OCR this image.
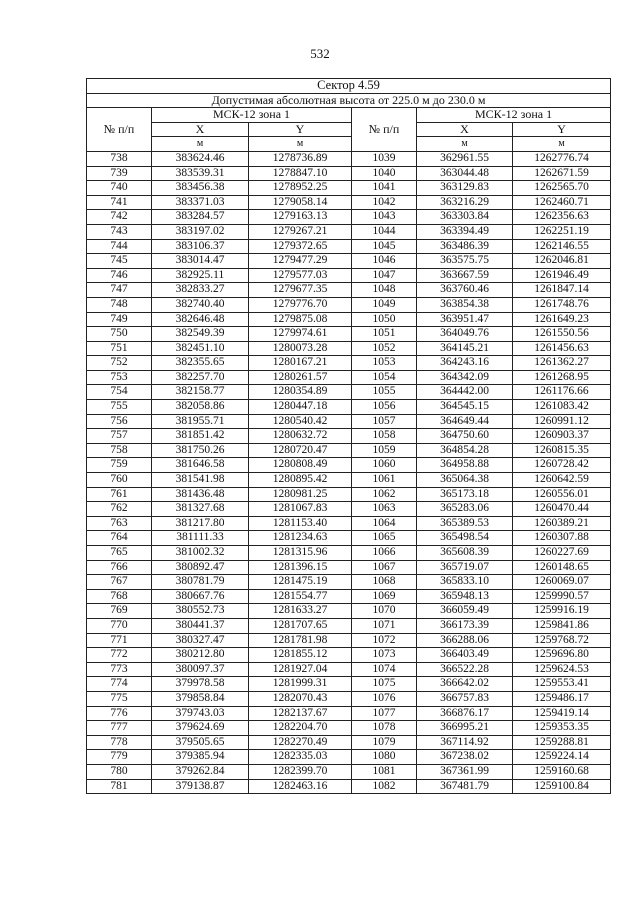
532
Сектор 4.59					
Допустимая абсолютная высота от 225.0 м до 230.0 м					
№ п/п	МСК-12 зона 1		№ п/п	МСК-12 зона 1	
	X	Y		X	Y
	м	м		м	м
738	383624.46	1278736.89	1039	362961.55	1262776.74
739	383539.31	1278847.10	1040	363044.48	1262671.59
740	383456.38	1278952.25	1041	363129.83	1262565.70
741	383371.03	1279058.14	1042	363216.29	1262460.71
742	383284.57	1279163.13	1043	363303.84	1262356.63
743	383197.02	1279267.21	1044	363394.49	1262251.19
744	383106.37	1279372.65	1045	363486.39	1262146.55
745	383014.47	1279477.29	1046	363575.75	1262046.81
746	382925.11	1279577.03	1047	363667.59	1261946.49
747	382833.27	1279677.35	1048	363760.46	1261847.14
748	382740.40	1279776.70	1049	363854.38	1261748.76
749	382646.48	1279875.08	1050	363951.47	1261649.23
750	382549.39	1279974.61	1051	364049.76	1261550.56
751	382451.10	1280073.28	1052	364145.21	1261456.63
752	382355.65	1280167.21	1053	364243.16	1261362.27
753	382257.70	1280261.57	1054	364342.09	1261268.95
754	382158.77	1280354.89	1055	364442.00	1261176.66
755	382058.86	1280447.18	1056	364545.15	1261083.42
756	381955.71	1280540.42	1057	364649.44	1260991.12
757	381851.42	1280632.72	1058	364750.60	1260903.37
758	381750.26	1280720.47	1059	364854.28	1260815.35
759	381646.58	1280808.49	1060	364958.88	1260728.42
760	381541.98	1280895.42	1061	365064.38	1260642.59
761	381436.48	1280981.25	1062	365173.18	1260556.01
762	381327.68	1281067.83	1063	365283.06	1260470.44
763	381217.80	1281153.40	1064	365389.53	1260389.21
764	381111.33	1281234.63	1065	365498.54	1260307.88
765	381002.32	1281315.96	1066	365608.39	1260227.69
766	380892.47	1281396.15	1067	365719.07	1260148.65
767	380781.79	1281475.19	1068	365833.10	1260069.07
768	380667.76	1281554.77	1069	365948.13	1259990.57
769	380552.73	1281633.27	1070	366059.49	1259916.19
770	380441.37	1281707.65	1071	366173.39	1259841.86
771	380327.47	1281781.98	1072	366288.06	1259768.72
772	380212.80	1281855.12	1073	366403.49	1259696.80
773	380097.37	1281927.04	1074	366522.28	1259624.53
774	379978.58	1281999.31	1075	366642.02	1259553.41
775	379858.84	1282070.43	1076	366757.83	1259486.17
776	379743.03	1282137.67	1077	366876.17	1259419.14
777	379624.69	1282204.70	1078	366995.21	1259353.35
778	379505.65	1282270.49	1079	367114.92	1259288.81
779	379385.94	1282335.03	1080	367238.02	1259224.14
780	379262.84	1282399.70	1081	367361.99	1259160.68
781	379138.87	1282463.16	1082	367481.79	1259100.84
